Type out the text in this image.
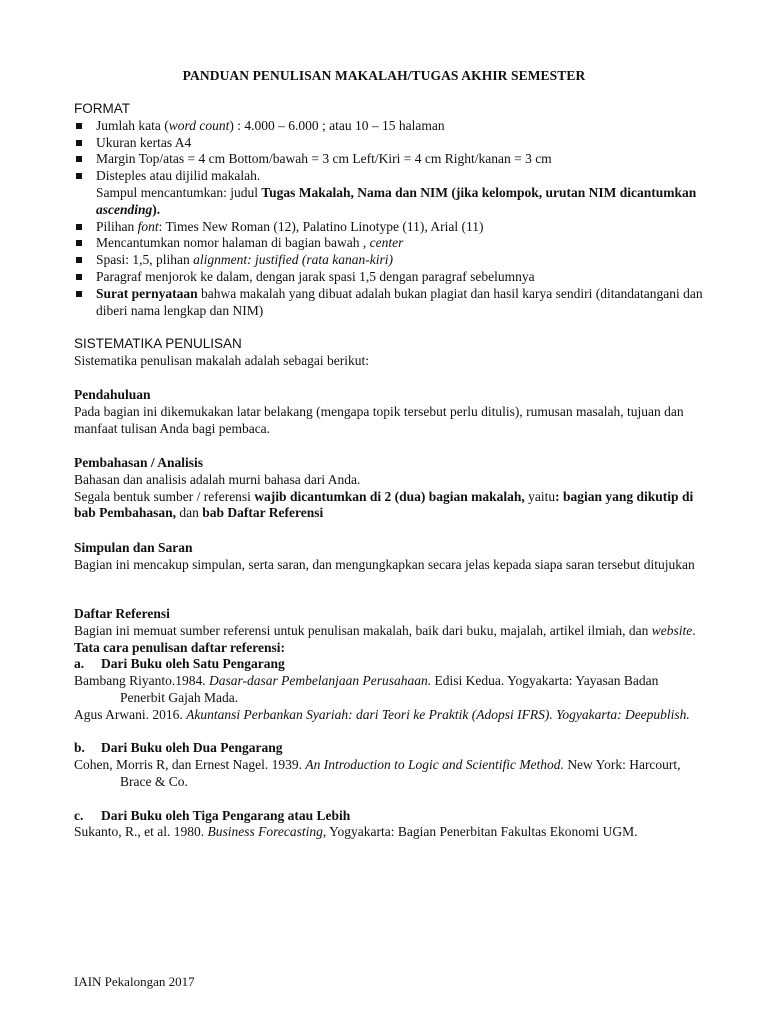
PANDUAN PENULISAN MAKALAH/TUGAS AKHIR SEMESTER
FORMAT
Jumlah kata (word count) : 4.000 – 6.000 ; atau 10 – 15 halaman
Ukuran kertas A4
Margin Top/atas = 4 cm Bottom/bawah = 3 cm Left/Kiri = 4 cm Right/kanan = 3 cm
Disteples atau dijilid makalah.
Sampul mencantumkan: judul Tugas Makalah, Nama dan NIM (jika kelompok, urutan NIM dicantumkan ascending).
Pilihan font: Times New Roman (12), Palatino Linotype (11), Arial (11)
Mencantumkan nomor halaman di bagian bawah , center
Spasi: 1,5, plihan alignment: justified (rata kanan-kiri)
Paragraf menjorok ke dalam, dengan jarak spasi 1,5 dengan paragraf sebelumnya
Surat pernyataan bahwa makalah yang dibuat adalah bukan plagiat dan hasil karya sendiri (ditandatangani dan diberi nama lengkap dan NIM)
SISTEMATIKA PENULISAN

Sistematika penulisan makalah adalah sebagai berikut:

Pendahuluan

Pada bagian ini dikemukakan latar belakang (mengapa topik tersebut perlu ditulis), rumusan masalah, tujuan dan manfaat tulisan Anda bagi pembaca.

Pembahasan / Analisis

Bahasan dan analisis adalah murni bahasa dari Anda.

Segala bentuk sumber / referensi wajib dicantumkan di 2 (dua) bagian makalah, yaitu: bagian yang dikutip di bab Pembahasan, dan bab Daftar Referensi

Simpulan dan Saran

Bagian ini mencakup simpulan, serta saran, dan mengungkapkan secara jelas kepada siapa saran tersebut ditujukan

Daftar Referensi

Bagian ini memuat sumber referensi untuk penulisan makalah, baik dari buku, majalah, artikel ilmiah, dan website.

Tata cara penulisan daftar referensi:
a.	Dari Buku oleh Satu Pengarang

Bambang Riyanto.1984. Dasar-dasar Pembelanjaan Perusahaan. Edisi Kedua. Yogyakarta: Yayasan Badan Penerbit Gajah Mada.

Agus Arwani. 2016. Akuntansi Perbankan Syariah: dari Teori ke Praktik (Adopsi IFRS). Yogyakarta: Deepublish.

b.	Dari Buku oleh Dua Pengarang

Cohen, Morris R, dan Ernest Nagel. 1939. An Introduction to Logic and Scientific Method. New York: Harcourt, Brace & Co.

c.	Dari Buku oleh Tiga Pengarang atau Lebih

Sukanto, R., et al. 1980. Business Forecasting, Yogyakarta: Bagian Penerbitan Fakultas Ekonomi UGM.

IAIN Pekalongan 2017
